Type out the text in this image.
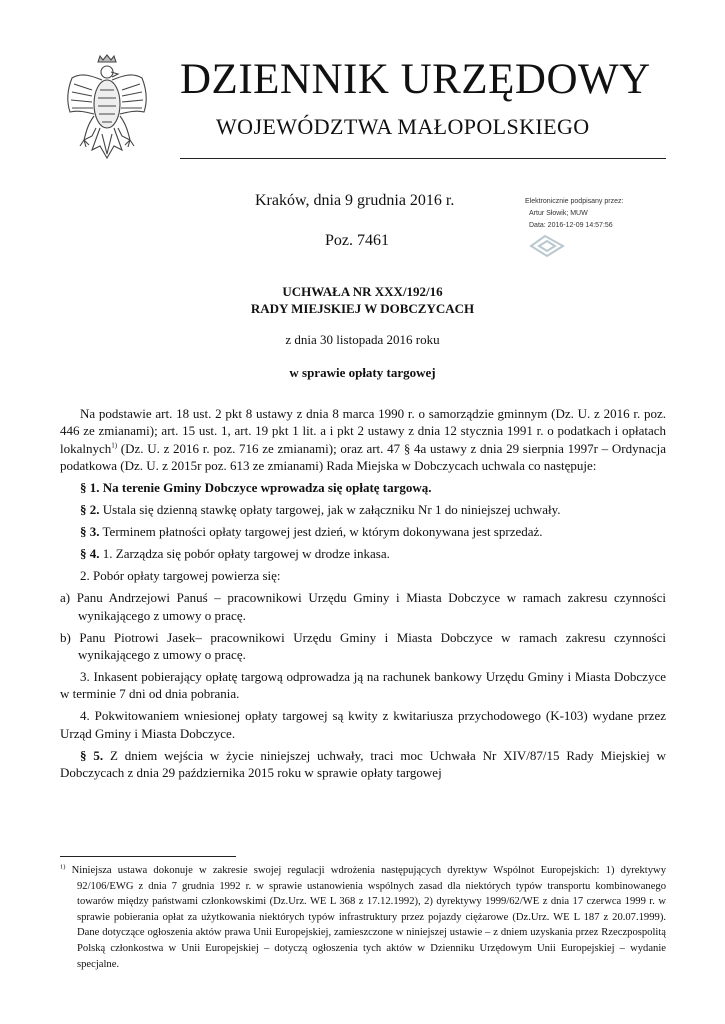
DZIENNIK URZĘDOWY
WOJEWÓDZTWA MAŁOPOLSKIEGO
Kraków, dnia 9 grudnia 2016 r.
Poz. 7461
Elektronicznie podpisany przez:
Artur Słowik; MUW
Data: 2016-12-09 14:57:56
UCHWAŁA NR XXX/192/16
RADY MIEJSKIEJ W DOBCZYCACH
z dnia 30 listopada 2016 roku
w sprawie opłaty targowej

Na podstawie art. 18 ust. 2 pkt 8 ustawy z dnia 8 marca 1990 r. o samorządzie gminnym (Dz. U. z 2016 r. poz. 446 ze zmianami); art. 15 ust. 1, art. 19 pkt 1 lit. a i pkt 2 ustawy z dnia 12 stycznia 1991 r. o podatkach i opłatach lokalnych$^{1)}$ (Dz. U. z 2016 r. poz. 716 ze zmianami); oraz art. 47 § 4a ustawy z dnia 29 sierpnia 1997r – Ordynacja podatkowa (Dz. U. z 2015r poz. 613 ze zmianami) Rada Miejska w Dobczycach uchwala co następuje:

§ 1. Na terenie Gminy Dobczyce wprowadza się opłatę targową.

§ 2. Ustala się dzienną stawkę opłaty targowej, jak w załączniku Nr 1 do niniejszej uchwały.

§ 3. Terminem płatności opłaty targowej jest dzień, w którym dokonywana jest sprzedaż.

§ 4. 1. Zarządza się pobór opłaty targowej w drodze inkasa.

2. Pobór opłaty targowej powierza się:

a) Panu Andrzejowi Panuś – pracownikowi Urzędu Gminy i Miasta Dobczyce w ramach zakresu czynności wynikającego z umowy o pracę.

b) Panu Piotrowi Jasek– pracownikowi Urzędu Gminy i Miasta Dobczyce w ramach zakresu czynności wynikającego z umowy o pracę.

3. Inkasent pobierający opłatę targową odprowadza ją na rachunek bankowy Urzędu Gminy i Miasta Dobczyce w terminie 7 dni od dnia pobrania.

4. Pokwitowaniem wniesionej opłaty targowej są kwity z kwitariusza przychodowego (K-103) wydane przez Urząd Gminy i Miasta Dobczyce.

§ 5. Z dniem wejścia w życie niniejszej uchwały, traci moc Uchwała Nr XIV/87/15 Rady Miejskiej w Dobczycach z dnia 29 października 2015 roku w sprawie opłaty targowej

$^{1)}$ Niniejsza ustawa dokonuje w zakresie swojej regulacji wdrożenia następujących dyrektyw Wspólnot Europejskich: 1) dyrektywy 92/106/EWG z dnia 7 grudnia 1992 r. w sprawie ustanowienia wspólnych zasad dla niektórych typów transportu kombinowanego towarów między państwami członkowskimi (Dz.Urz. WE L 368 z 17.12.1992), 2) dyrektywy 1999/62/WE z dnia 17 czerwca 1999 r. w sprawie pobierania opłat za użytkowania niektórych typów infrastruktury przez pojazdy ciężarowe (Dz.Urz. WE L 187 z 20.07.1999). Dane dotyczące ogłoszenia aktów prawa Unii Europejskiej, zamieszczone w niniejszej ustawie – z dniem uzyskania przez Rzeczpospolitą Polską członkostwa w Unii Europejskiej – dotyczą ogłoszenia tych aktów w Dzienniku Urzędowym Unii Europejskiej – wydanie specjalne.
